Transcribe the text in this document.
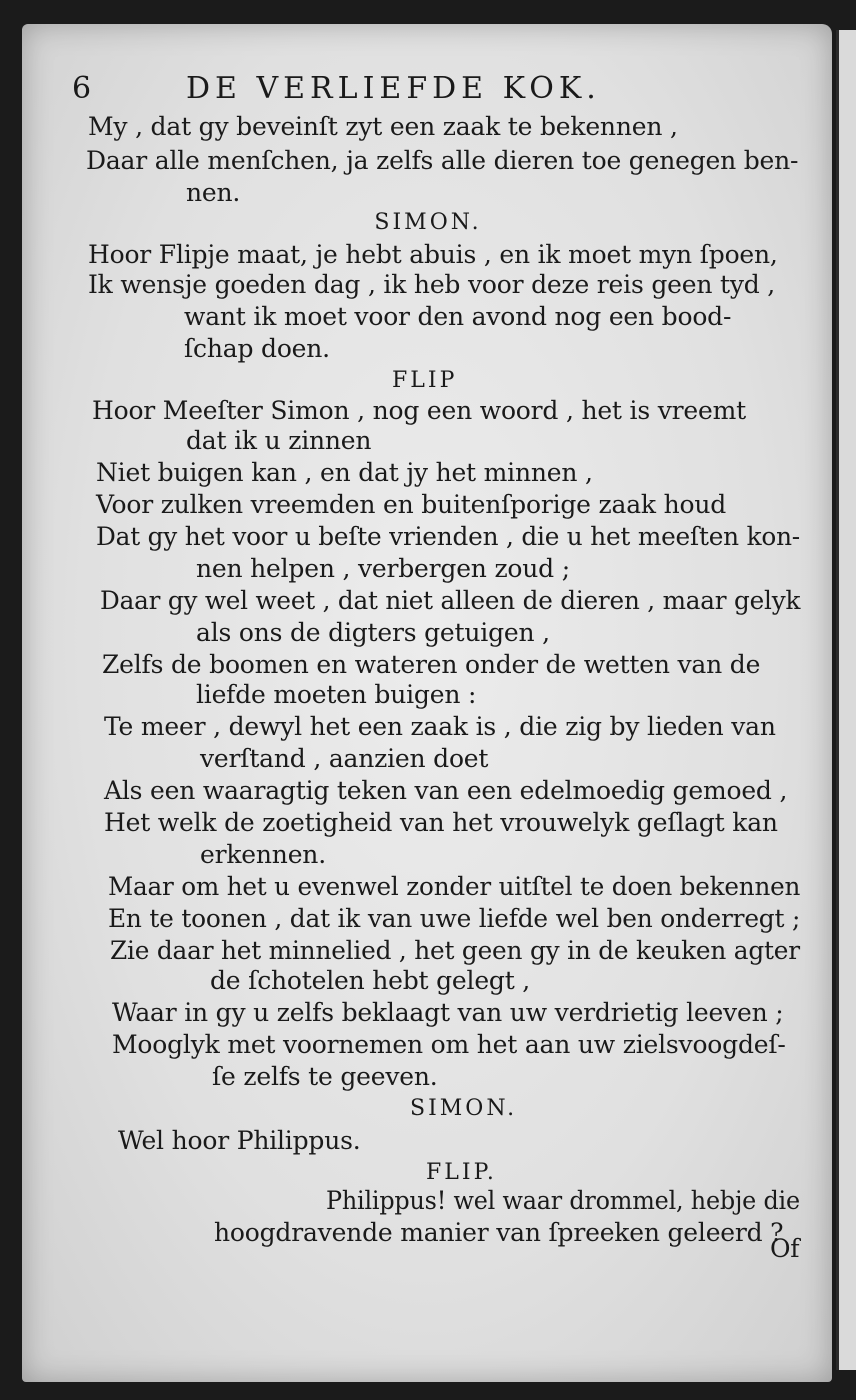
6	DE VERLIEFDE KOK.
My , dat gy beveinſt zyt een zaak te bekennen ,
Daar alle menſchen, ja zelfs alle dieren toe genegen ben-
nen.
SIMON.
Hoor Flipje maat, je hebt abuis , en ik moet myn ſpoen,
Ik wensje goeden dag , ik heb voor deze reis geen tyd ,
want ik moet voor den avond nog een bood-
ſchap doen.
FLIP
Hoor Meeſter Simon , nog een woord , het is vreemt
dat ik u zinnen
Niet buigen kan , en dat jy het minnen ,
Voor zulken vreemden en buitenſporige zaak houd
Dat gy het voor u beſte vrienden , die u het meeſten kon-
nen helpen , verbergen zoud ;
Daar gy wel weet , dat niet alleen de dieren , maar gelyk
als ons de digters getuigen ,
Zelfs de boomen en wateren onder de wetten van de
liefde moeten buigen :
Te meer , dewyl het een zaak is , die zig by lieden van
verſtand , aanzien doet
Als een waaragtig teken van een edelmoedig gemoed ,
Het welk de zoetigheid van het vrouwelyk geſlagt kan
erkennen.
Maar om het u evenwel zonder uitſtel te doen bekennen
En te toonen , dat ik van uwe liefde wel ben onderregt ;
Zie daar het minnelied , het geen gy in de keuken agter
de ſchotelen hebt gelegt ,
Waar in gy u zelfs beklaagt van uw verdrietig leeven ;
Mooglyk met voornemen om het aan uw zielsvoogdeſ-
ſe zelfs te geeven.
SIMON.
Wel hoor Philippus.
FLIP.
Philippus! wel waar drommel, hebje die
hoogdravende manier van ſpreeken geleerd ?
Of
